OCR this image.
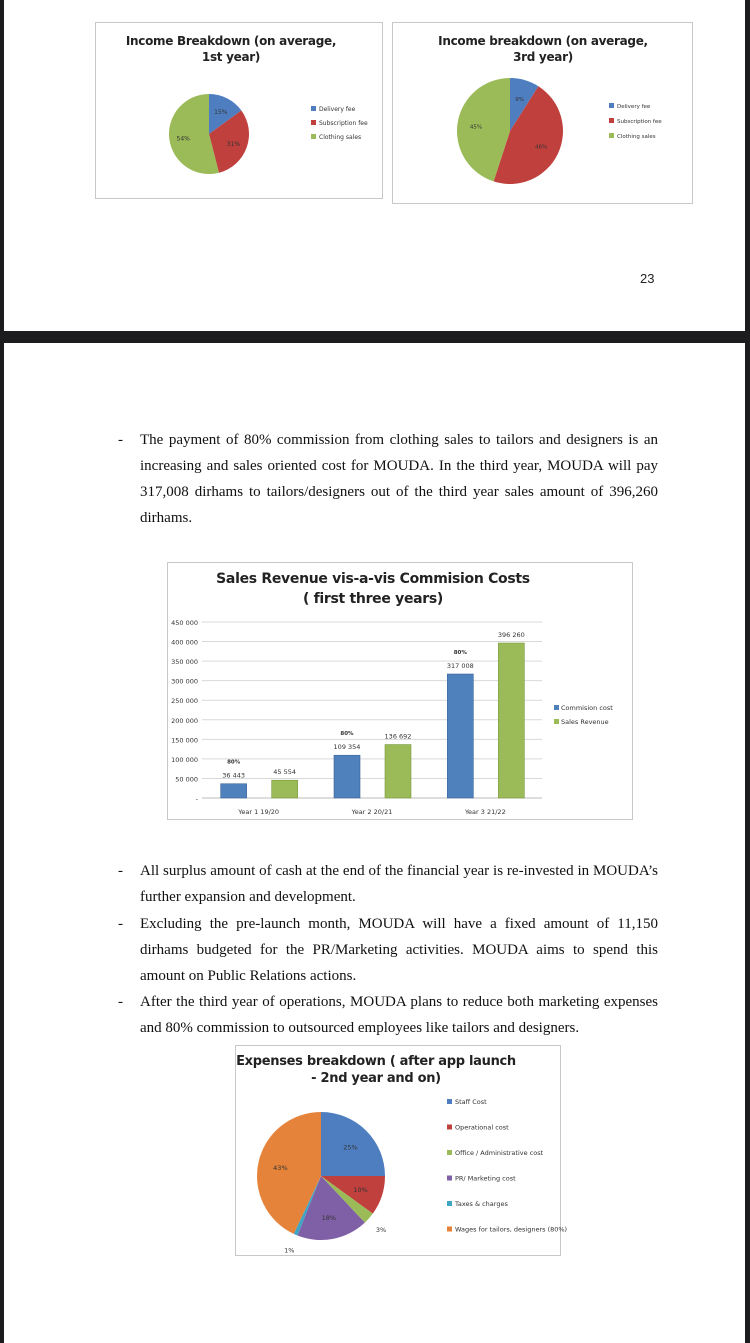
Income Breakdown (on average, 1st year)
15%	Delivery fee
31%
Subscription fee
54%	Clothing sales
Income breakdown (on average, 3rd year)
9%
Delivery fee
46%
Subscription fee
45%
Clothing sales
23
- The payment of 80% commission from clothing sales to tailors and designers is an increasing and sales oriented cost for MOUDA. In the third year, MOUDA will pay 317,008 dirhams to tailors/designers out of the third year sales amount of 396,260 dirhams.
Sales Revenue vis-a-vis Commision Costs
( first three years)
-
50 000
100 000
150 000
200 000
250 000
300 000
350 000
400 000
450 000
Year 1 19/20
36 443
80%
45 554
Year 2 20/21
109 354
80%	136 692
Year 3 21/22
317 008
80%
396 260
Commision cost
Sales Revenue
- All surplus amount of cash at the end of the financial year is re-invested in MOUDA’s further expansion and development.
- Excluding the pre-launch month, MOUDA will have a fixed amount of 11,150 dirhams budgeted for the PR/Marketing activities. MOUDA aims to spend this amount on Public Relations actions.
- After the third year of operations, MOUDA plans to reduce both marketing expenses and 80% commission to outsourced employees like tailors and designers.
Expenses breakdown ( after app launch - 2nd year and on)
25%
Staff Cost
10%
Operational cost
3%
Office / Administrative cost
18%
PR/ Marketing cost
1%
Taxes & charges
43%
Wages for tailors, designers (80%)
